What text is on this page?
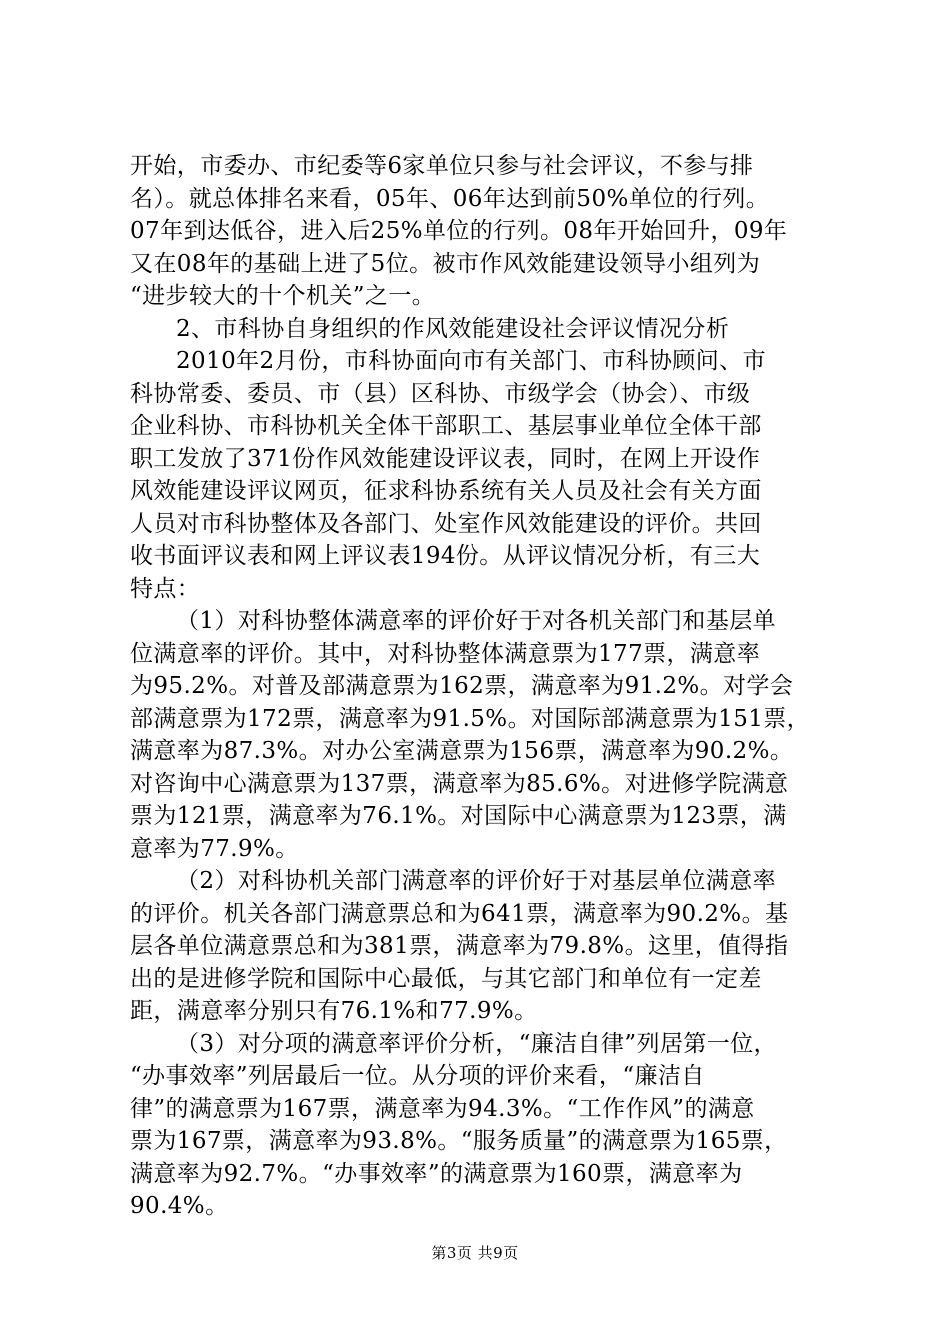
开始，市委办、市纪委等6家单位只参与社会评议，不参与排
名）。就总体排名来看，05年、06年达到前50%单位的行列。
07年到达低谷，进入后25%单位的行列。08年开始回升，09年
又在08年的基础上进了5位。被市作风效能建设领导小组列为
“进步较大的十个机关”之一。
2、市科协自身组织的作风效能建设社会评议情况分析
2010年2月份，市科协面向市有关部门、市科协顾问、市
科协常委、委员、市（县）区科协、市级学会（协会）、市级
企业科协、市科协机关全体干部职工、基层事业单位全体干部
职工发放了371份作风效能建设评议表，同时，在网上开设作
风效能建设评议网页，征求科协系统有关人员及社会有关方面
人员对市科协整体及各部门、处室作风效能建设的评价。共回
收书面评议表和网上评议表194份。从评议情况分析，有三大
特点：
（1）对科协整体满意率的评价好于对各机关部门和基层单
位满意率的评价。其中，对科协整体满意票为177票，满意率
为95.2%。对普及部满意票为162票，满意率为91.2%。对学会
部满意票为172票，满意率为91.5%。对国际部满意票为151票，
满意率为87.3%。对办公室满意票为156票，满意率为90.2%。
对咨询中心满意票为137票，满意率为85.6%。对进修学院满意
票为121票，满意率为76.1%。对国际中心满意票为123票，满
意率为77.9%。
（2）对科协机关部门满意率的评价好于对基层单位满意率
的评价。机关各部门满意票总和为641票，满意率为90.2%。基
层各单位满意票总和为381票，满意率为79.8%。这里，值得指
出的是进修学院和国际中心最低，与其它部门和单位有一定差
距，满意率分别只有76.1%和77.9%。
（3）对分项的满意率评价分析，“廉洁自律”列居第一位，
“办事效率”列居最后一位。从分项的评价来看，“廉洁自
律”的满意票为167票，满意率为94.3%。“工作作风”的满意
票为167票，满意率为93.8%。“服务质量”的满意票为165票，
满意率为92.7%。“办事效率”的满意票为160票，满意率为
90.4%。
第3页 共9页
